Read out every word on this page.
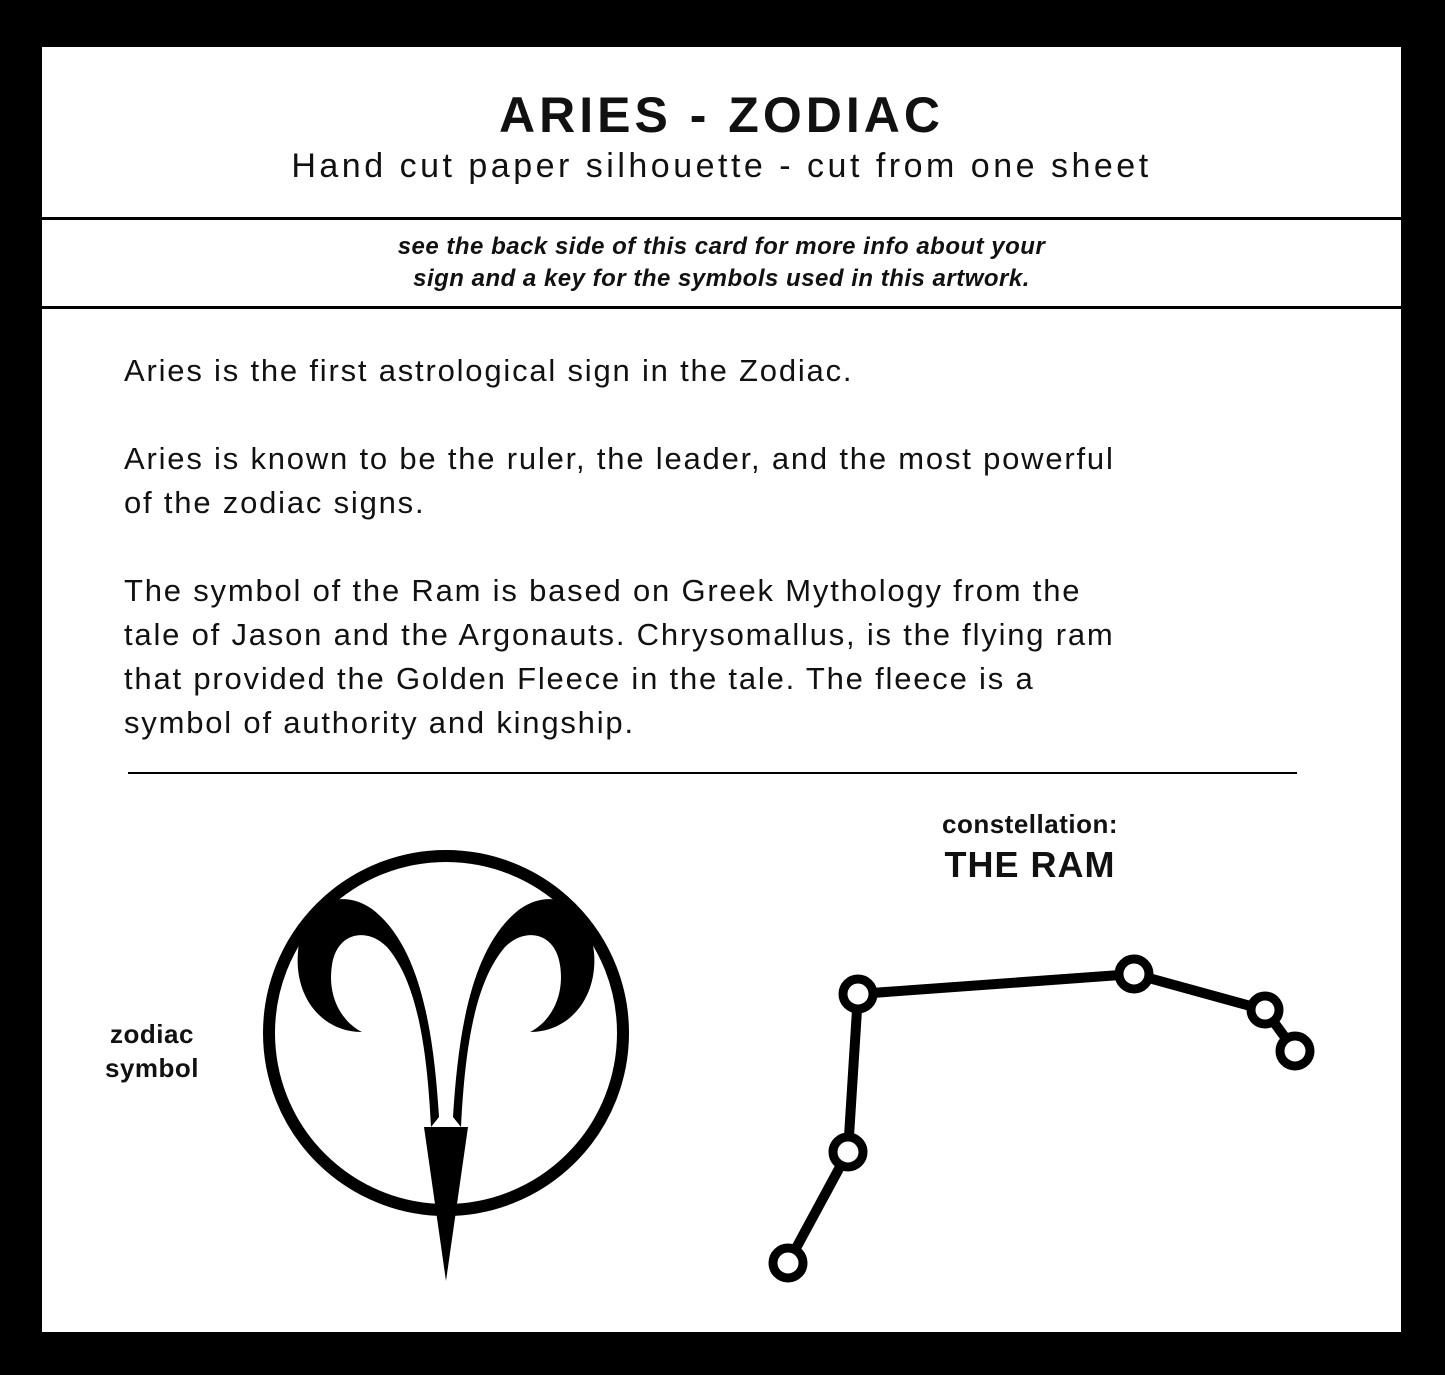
ARIES - ZODIAC
Hand cut paper silhouette - cut from one sheet
see the back side of this card for more info about your
sign and a key for the symbols used in this artwork.

Aries is the first astrological sign in the Zodiac.

Aries is known to be the ruler, the leader, and the most powerful

of the zodiac signs.

The symbol of the Ram is based on Greek Mythology from the

tale of Jason and the Argonauts. Chrysomallus, is the flying ram

that provided the Golden Fleece in the tale. The fleece is a

symbol of authority and kingship.

zodiac
symbol
constellation:
THE RAM
